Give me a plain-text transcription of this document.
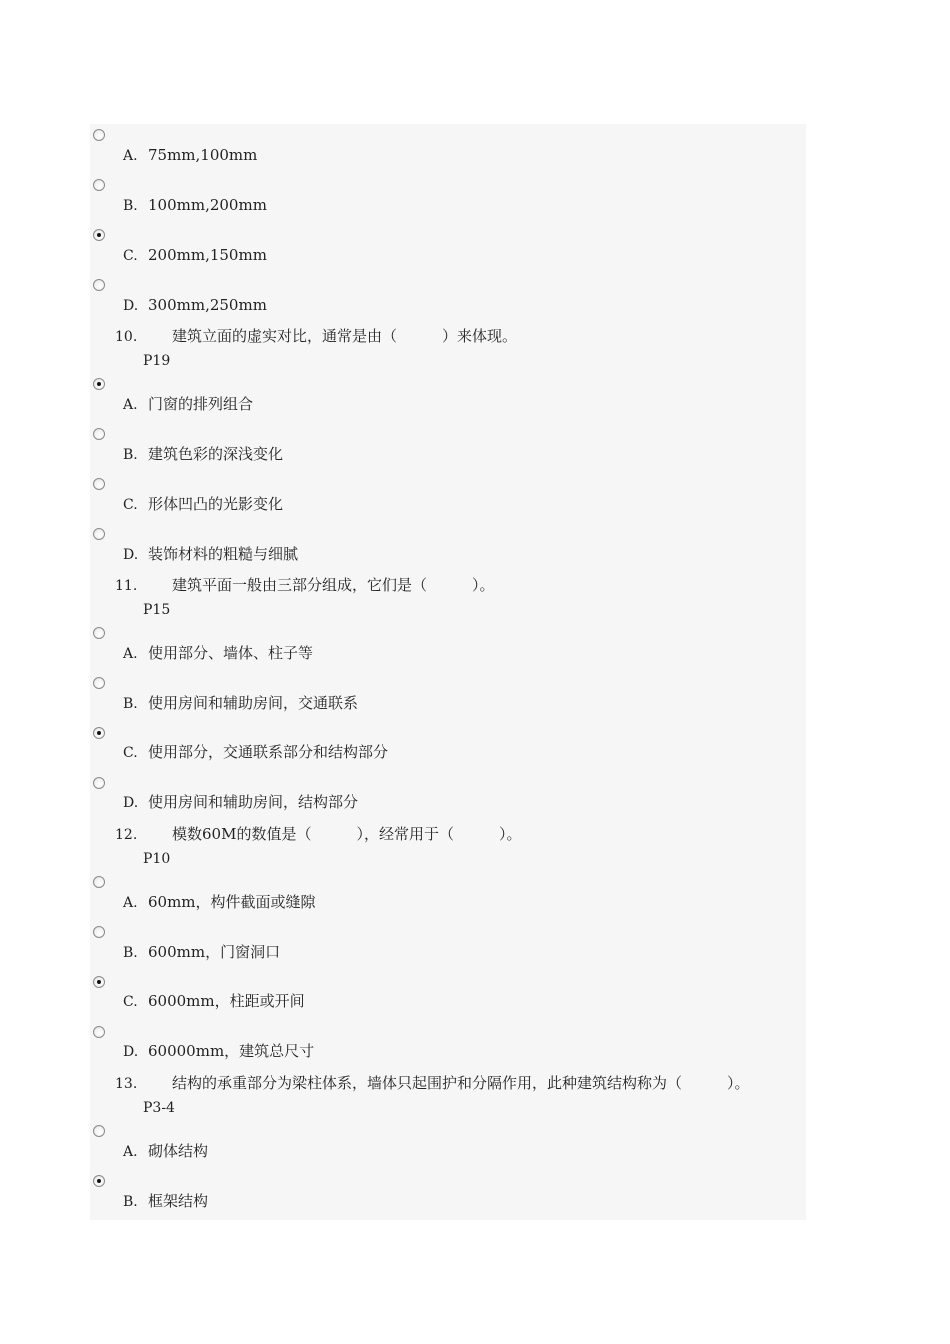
A. 75mm,100mm
B. 100mm,200mm
C. 200mm,150mm
D. 300mm,250mm
10. 建筑立面的虚实对比，通常是由（　　　）来体现。
P19
A. 门窗的排列组合
B. 建筑色彩的深浅变化
C. 形体凹凸的光影变化
D. 装饰材料的粗糙与细腻
11. 建筑平面一般由三部分组成，它们是（　　　）。
P15
A. 使用部分、墙体、柱子等
B. 使用房间和辅助房间，交通联系
C. 使用部分，交通联系部分和结构部分
D. 使用房间和辅助房间，结构部分
12. 模数60M的数值是（　　　），经常用于（　　　）。
P10
A. 60mm，构件截面或缝隙
B. 600mm，门窗洞口
C. 6000mm，柱距或开间
D. 60000mm，建筑总尺寸
13. 结构的承重部分为梁柱体系，墙体只起围护和分隔作用，此种建筑结构称为（　　　）。
P3-4
A. 砌体结构
B. 框架结构
